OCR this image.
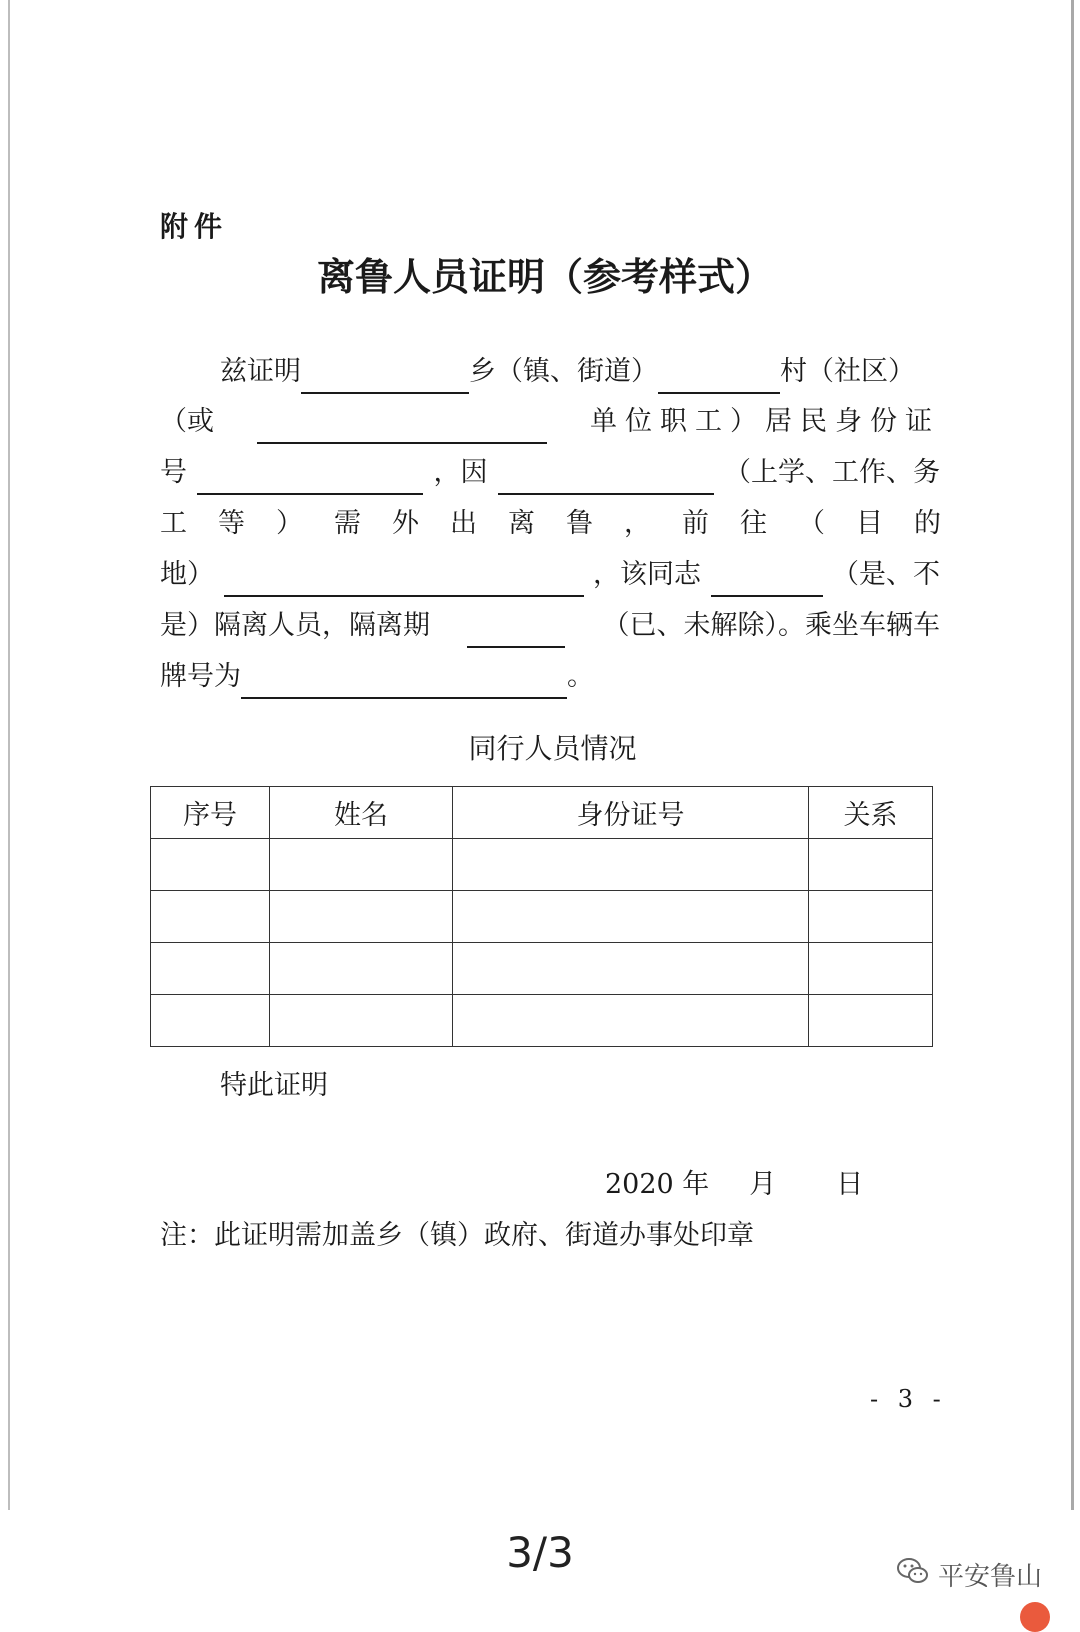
附件
离鲁人员证明（参考样式）
兹证明	乡（镇、街道）	村（社区）
（或	单位职工）居民身份证
号	，因	（上学、工作、务
工等）需外出离鲁，前往（目的
地）	，该同志	（是、不
是）隔离人员，隔离期	（已、未解除）。乘坐车辆车
牌号为	。
同行人员情况
序号	姓名	身份证号	关系

特此证明
2020 年 月 日
注：此证明需加盖乡（镇）政府、街道办事处印章
- 3 -
3/3	平安鲁山
